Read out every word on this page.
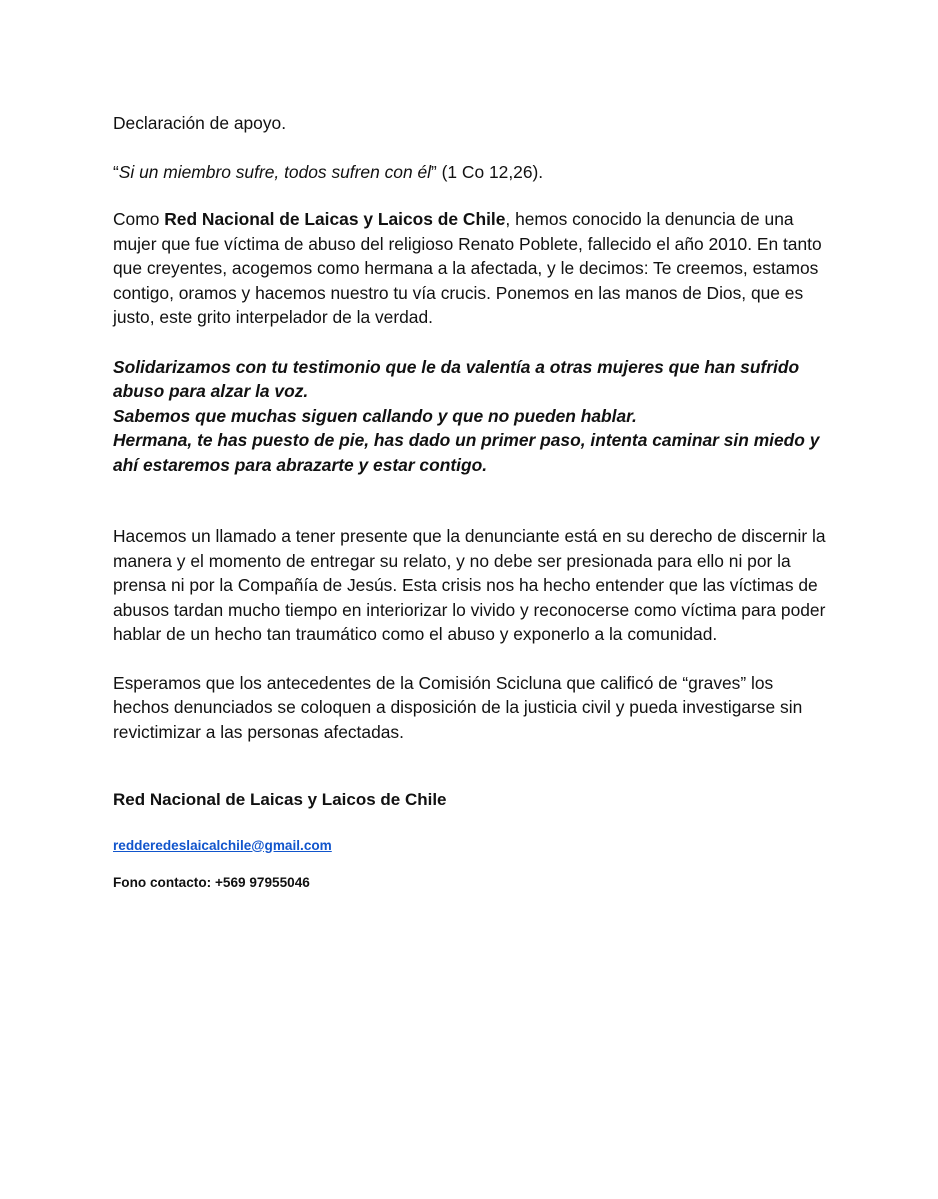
Declaración de apoyo.

“Si un miembro sufre, todos sufren con él” (1 Co 12,26).

Como Red Nacional de Laicas y Laicos de Chile, hemos conocido la denuncia de una
mujer que fue víctima de abuso del religioso Renato Poblete, fallecido el año 2010. En tanto
que creyentes, acogemos como hermana a la afectada, y le decimos: Te creemos, estamos
contigo, oramos y hacemos nuestro tu vía crucis. Ponemos en las manos de Dios, que es
justo, este grito interpelador de la verdad.
Solidarizamos con tu testimonio que le da valentía a otras mujeres que han sufrido
abuso para alzar la voz.
Sabemos que muchas siguen callando y que no pueden hablar.
Hermana, te has puesto de pie, has dado un primer paso, intenta caminar sin miedo y
ahí estaremos para abrazarte y estar contigo.
Hacemos un llamado a tener presente que la denunciante está en su derecho de discernir la
manera y el momento de entregar su relato, y no debe ser presionada para ello ni por la
prensa ni por la Compañía de Jesús. Esta crisis nos ha hecho entender que las víctimas de
abusos tardan mucho tiempo en interiorizar lo vivido y reconocerse como víctima para poder
hablar de un hecho tan traumático como el abuso y exponerlo a la comunidad.
Esperamos que los antecedentes de la Comisión Scicluna que calificó de “graves” los
hechos denunciados se coloquen a disposición de la justicia civil y pueda investigarse sin
revictimizar a las personas afectadas.

Red Nacional de Laicas y Laicos de Chile

redderedeslaicalchile@gmail.com

Fono contacto: +569 97955046
